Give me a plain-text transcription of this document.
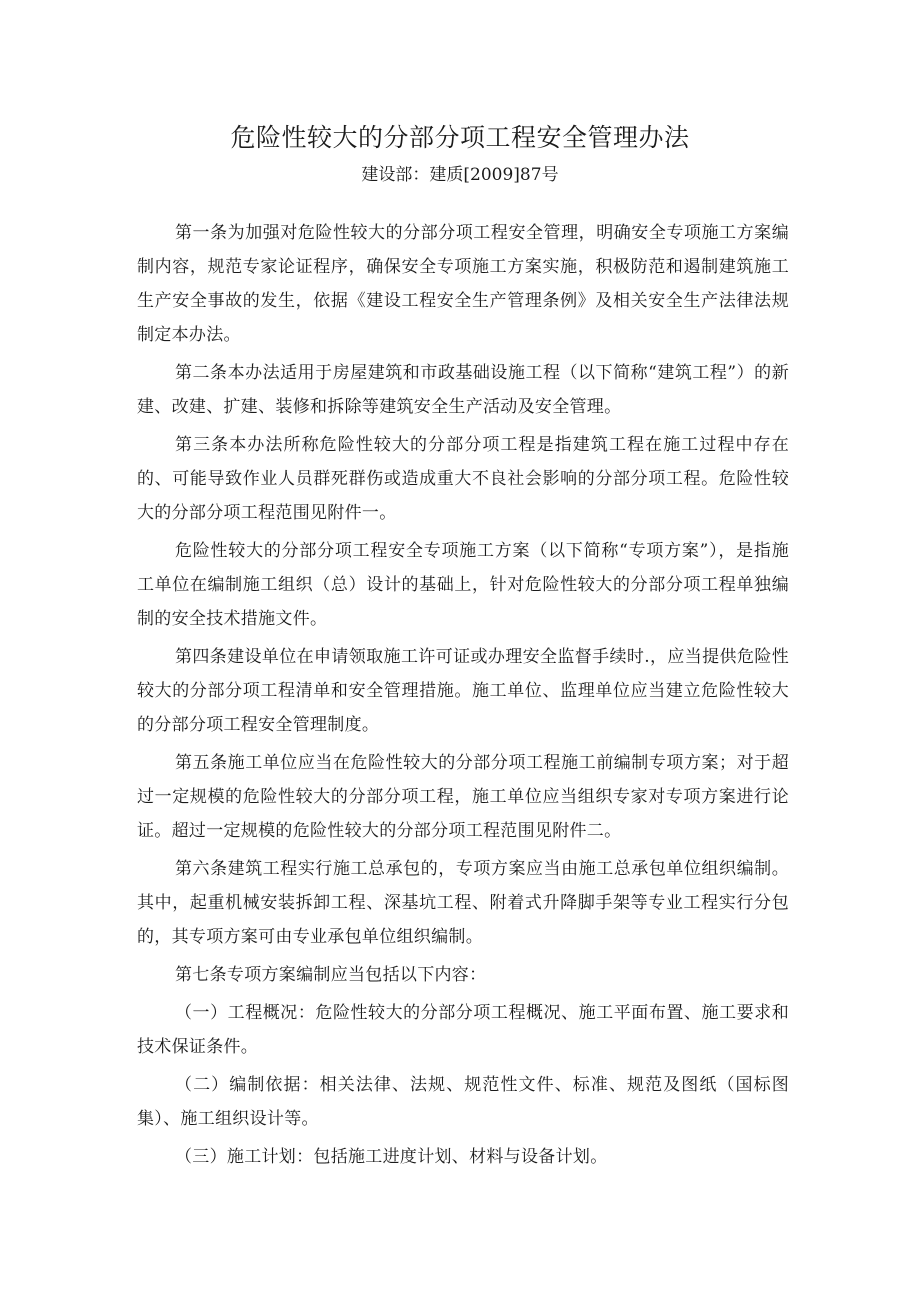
危险性较大的分部分项工程安全管理办法
建设部：建质[2009]87号

第一条为加强对危险性较大的分部分项工程安全管理，明确安全专项施工方案编制内容，规范专家论证程序，确保安全专项施工方案实施，积极防范和遏制建筑施工生产安全事故的发生，依据《建设工程安全生产管理条例》及相关安全生产法律法规制定本办法。

第二条本办法适用于房屋建筑和市政基础设施工程（以下简称“建筑工程”）的新建、改建、扩建、装修和拆除等建筑安全生产活动及安全管理。

第三条本办法所称危险性较大的分部分项工程是指建筑工程在施工过程中存在的、可能导致作业人员群死群伤或造成重大不良社会影响的分部分项工程。危险性较大的分部分项工程范围见附件一。

危险性较大的分部分项工程安全专项施工方案（以下简称“专项方案”），是指施工单位在编制施工组织（总）设计的基础上，针对危险性较大的分部分项工程单独编制的安全技术措施文件。

第四条建设单位在申请领取施工许可证或办理安全监督手续时.，应当提供危险性较大的分部分项工程清单和安全管理措施。施工单位、监理单位应当建立危险性较大的分部分项工程安全管理制度。

第五条施工单位应当在危险性较大的分部分项工程施工前编制专项方案；对于超过一定规模的危险性较大的分部分项工程，施工单位应当组织专家对专项方案进行论证。超过一定规模的危险性较大的分部分项工程范围见附件二。

第六条建筑工程实行施工总承包的，专项方案应当由施工总承包单位组织编制。其中，起重机械安装拆卸工程、深基坑工程、附着式升降脚手架等专业工程实行分包的，其专项方案可由专业承包单位组织编制。

第七条专项方案编制应当包括以下内容：

（一）工程概况：危险性较大的分部分项工程概况、施工平面布置、施工要求和技术保证条件。

（二）编制依据：相关法律、法规、规范性文件、标准、规范及图纸（国标图集）、施工组织设计等。

（三）施工计划：包括施工进度计划、材料与设备计划。
